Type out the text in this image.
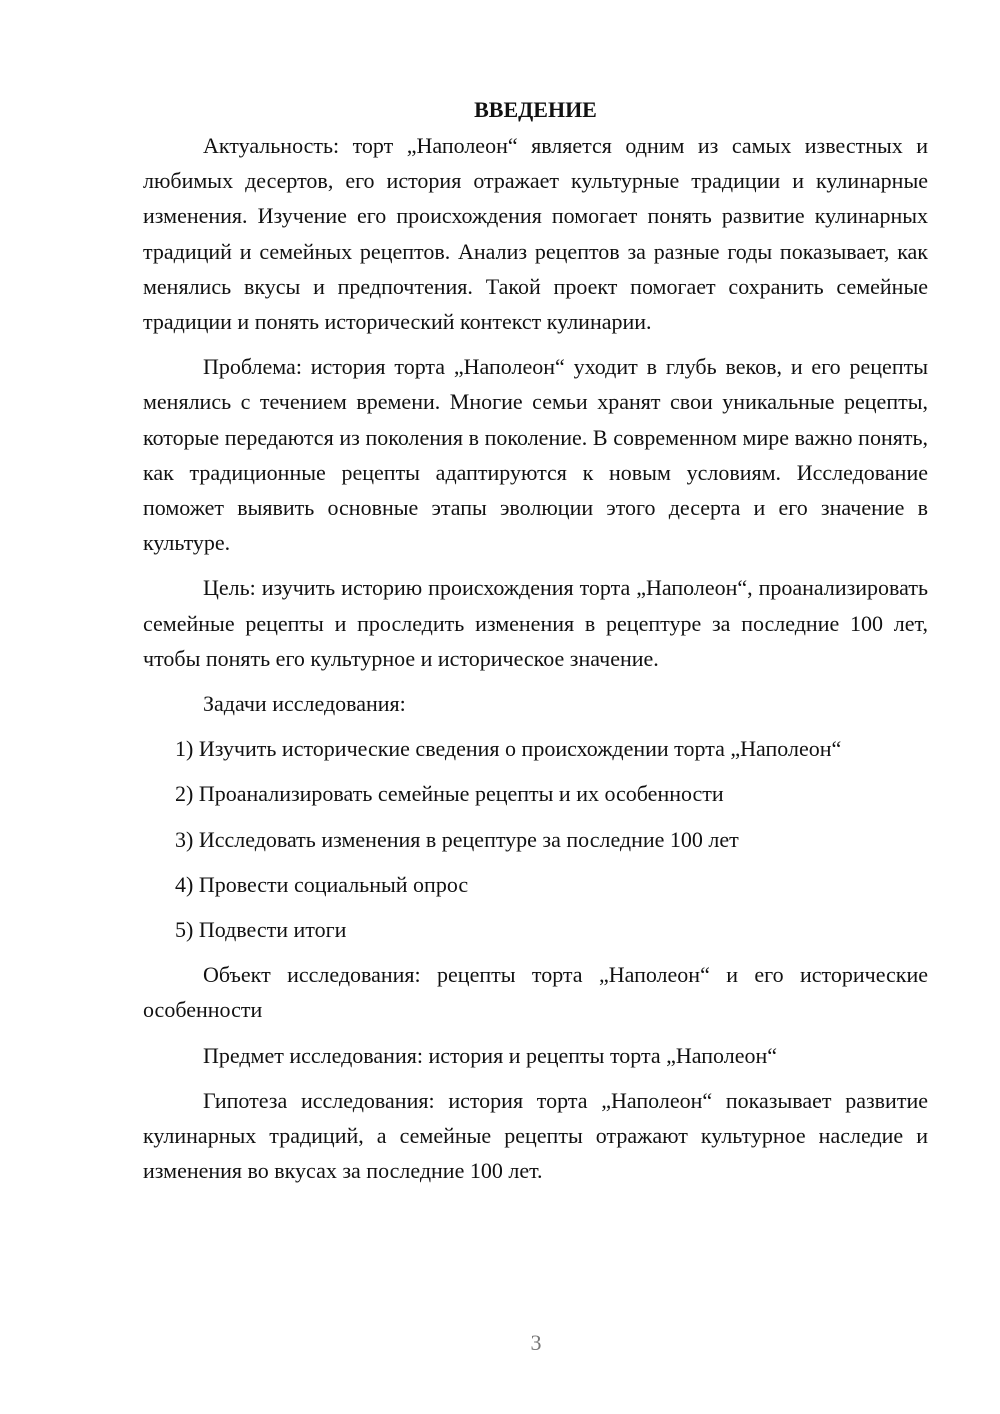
ВВЕДЕНИЕ

Актуальность: торт „Наполеон“ является одним из самых известных и любимых десертов, его история отражает культурные традиции и кулинарные изменения. Изучение его происхождения помогает понять развитие кулинарных традиций и семейных рецептов. Анализ рецептов за разные годы показывает, как менялись вкусы и предпочтения. Такой проект помогает сохранить семейные традиции и понять исторический контекст кулинарии.

Проблема: история торта „Наполеон“ уходит в глубь веков, и его рецепты менялись с течением времени. Многие семьи хранят свои уникальные рецепты, которые передаются из поколения в поколение. В современном мире важно понять, как традиционные рецепты адаптируются к новым условиям. Исследование поможет выявить основные этапы эволюции этого десерта и его значение в культуре.

Цель: изучить историю происхождения торта „Наполеон“, проанализировать семейные рецепты и проследить изменения в рецептуре за последние 100 лет, чтобы понять его культурное и историческое значение.

Задачи исследования:

1) Изучить исторические сведения о происхождении торта „Наполеон“

2) Проанализировать семейные рецепты и их особенности

3) Исследовать изменения в рецептуре за последние 100 лет

4) Провести социальный опрос

5) Подвести итоги

Объект исследования: рецепты торта „Наполеон“ и его исторические особенности

Предмет исследования: история и рецепты торта „Наполеон“

Гипотеза исследования: история торта „Наполеон“ показывает развитие кулинарных традиций, а семейные рецепты отражают культурное наследие и изменения во вкусах за последние 100 лет.

3
